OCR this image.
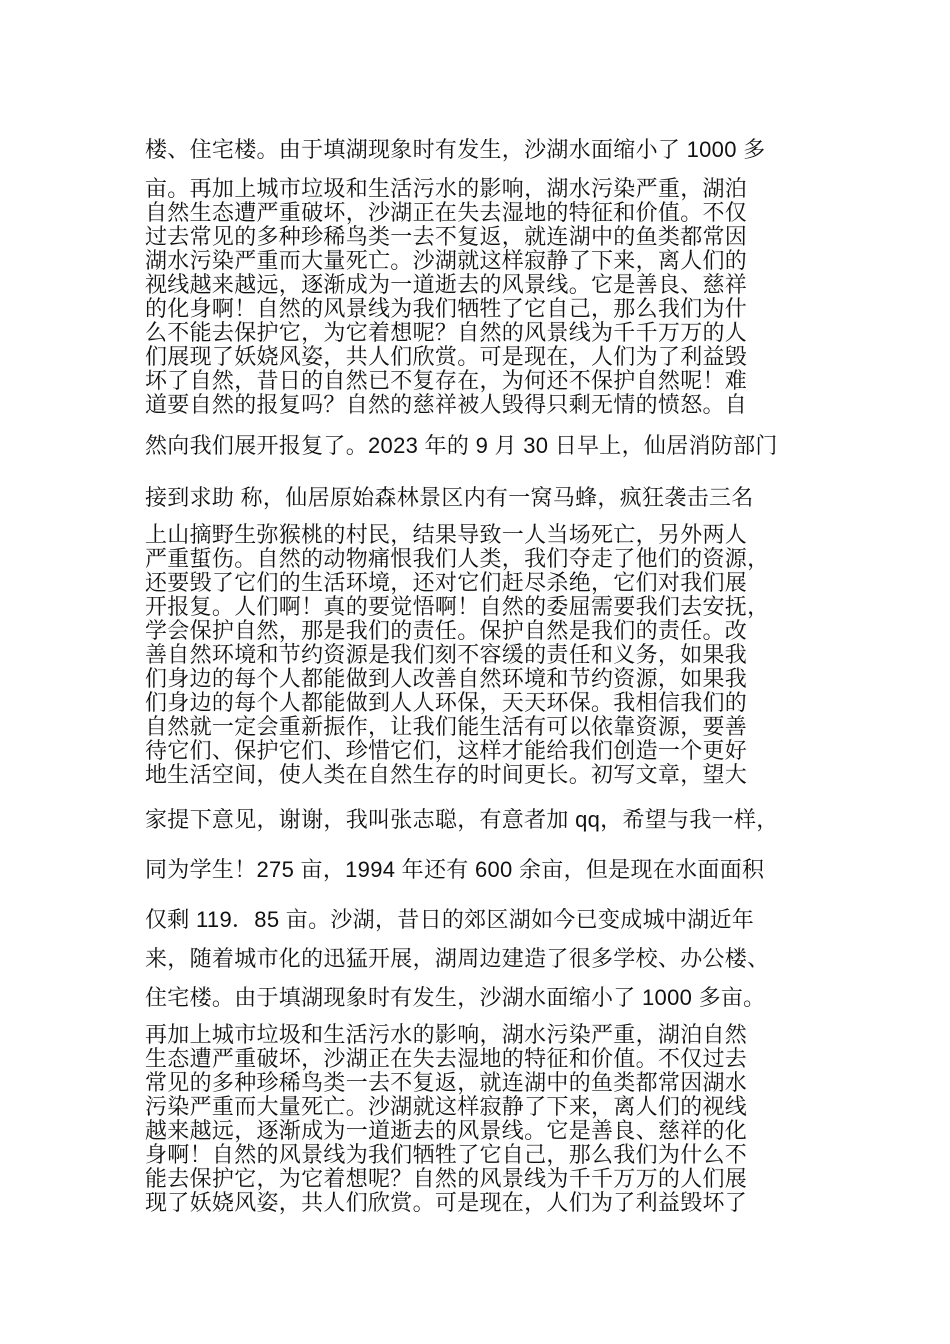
楼、住宅楼。由于填湖现象时有发生，沙湖水面缩小了 1000 多
亩。再加上城市垃圾和生活污水的影响，湖水污染严重，湖泊
自然生态遭严重破坏，沙湖正在失去湿地的特征和价值。不仅
过去常见的多种珍稀鸟类一去不复返，就连湖中的鱼类都常因
湖水污染严重而大量死亡。沙湖就这样寂静了下来，离人们的
视线越来越远，逐渐成为一道逝去的风景线。它是善良、慈祥
的化身啊！自然的风景线为我们牺牲了它自己，那么我们为什
么不能去保护它，为它着想呢？自然的风景线为千千万万的人
们展现了妖娆风姿，共人们欣赏。可是现在，人们为了利益毁
坏了自然，昔日的自然已不复存在，为何还不保护自然呢！难
道要自然的报复吗？自然的慈祥被人毁得只剩无情的愤怒。自
然向我们展开报复了。2023 年的 9 月 30 日早上，仙居消防部门
接到求助 称，仙居原始森林景区内有一窝马蜂，疯狂袭击三名
上山摘野生弥猴桃的村民，结果导致一人当场死亡，另外两人
严重蜇伤。自然的动物痛恨我们人类，我们夺走了他们的资源，
还要毁了它们的生活环境，还对它们赶尽杀绝，它们对我们展
开报复。人们啊！真的要觉悟啊！自然的委屈需要我们去安抚，
学会保护自然，那是我们的责任。保护自然是我们的责任。改
善自然环境和节约资源是我们刻不容缓的责任和义务，如果我
们身边的每个人都能做到人改善自然环境和节约资源，如果我
们身边的每个人都能做到人人环保，天天环保。我相信我们的
自然就一定会重新振作，让我们能生活有可以依靠资源，要善
待它们、保护它们、珍惜它们，这样才能给我们创造一个更好
地生活空间，使人类在自然生存的时间更长。初写文章，望大
家提下意见，谢谢，我叫张志聪，有意者加 qq，希望与我一样，
同为学生！275 亩，1994 年还有 600 余亩，但是现在水面面积
仅剩 119．85 亩。沙湖，昔日的郊区湖如今已变成城中湖近年
来，随着城市化的迅猛开展，湖周边建造了很多学校、办公楼、
住宅楼。由于填湖现象时有发生，沙湖水面缩小了 1000 多亩。
再加上城市垃圾和生活污水的影响，湖水污染严重，湖泊自然
生态遭严重破坏，沙湖正在失去湿地的特征和价值。不仅过去
常见的多种珍稀鸟类一去不复返，就连湖中的鱼类都常因湖水
污染严重而大量死亡。沙湖就这样寂静了下来，离人们的视线
越来越远，逐渐成为一道逝去的风景线。它是善良、慈祥的化
身啊！自然的风景线为我们牺牲了它自己，那么我们为什么不
能去保护它，为它着想呢？自然的风景线为千千万万的人们展
现了妖娆风姿，共人们欣赏。可是现在，人们为了利益毁坏了
